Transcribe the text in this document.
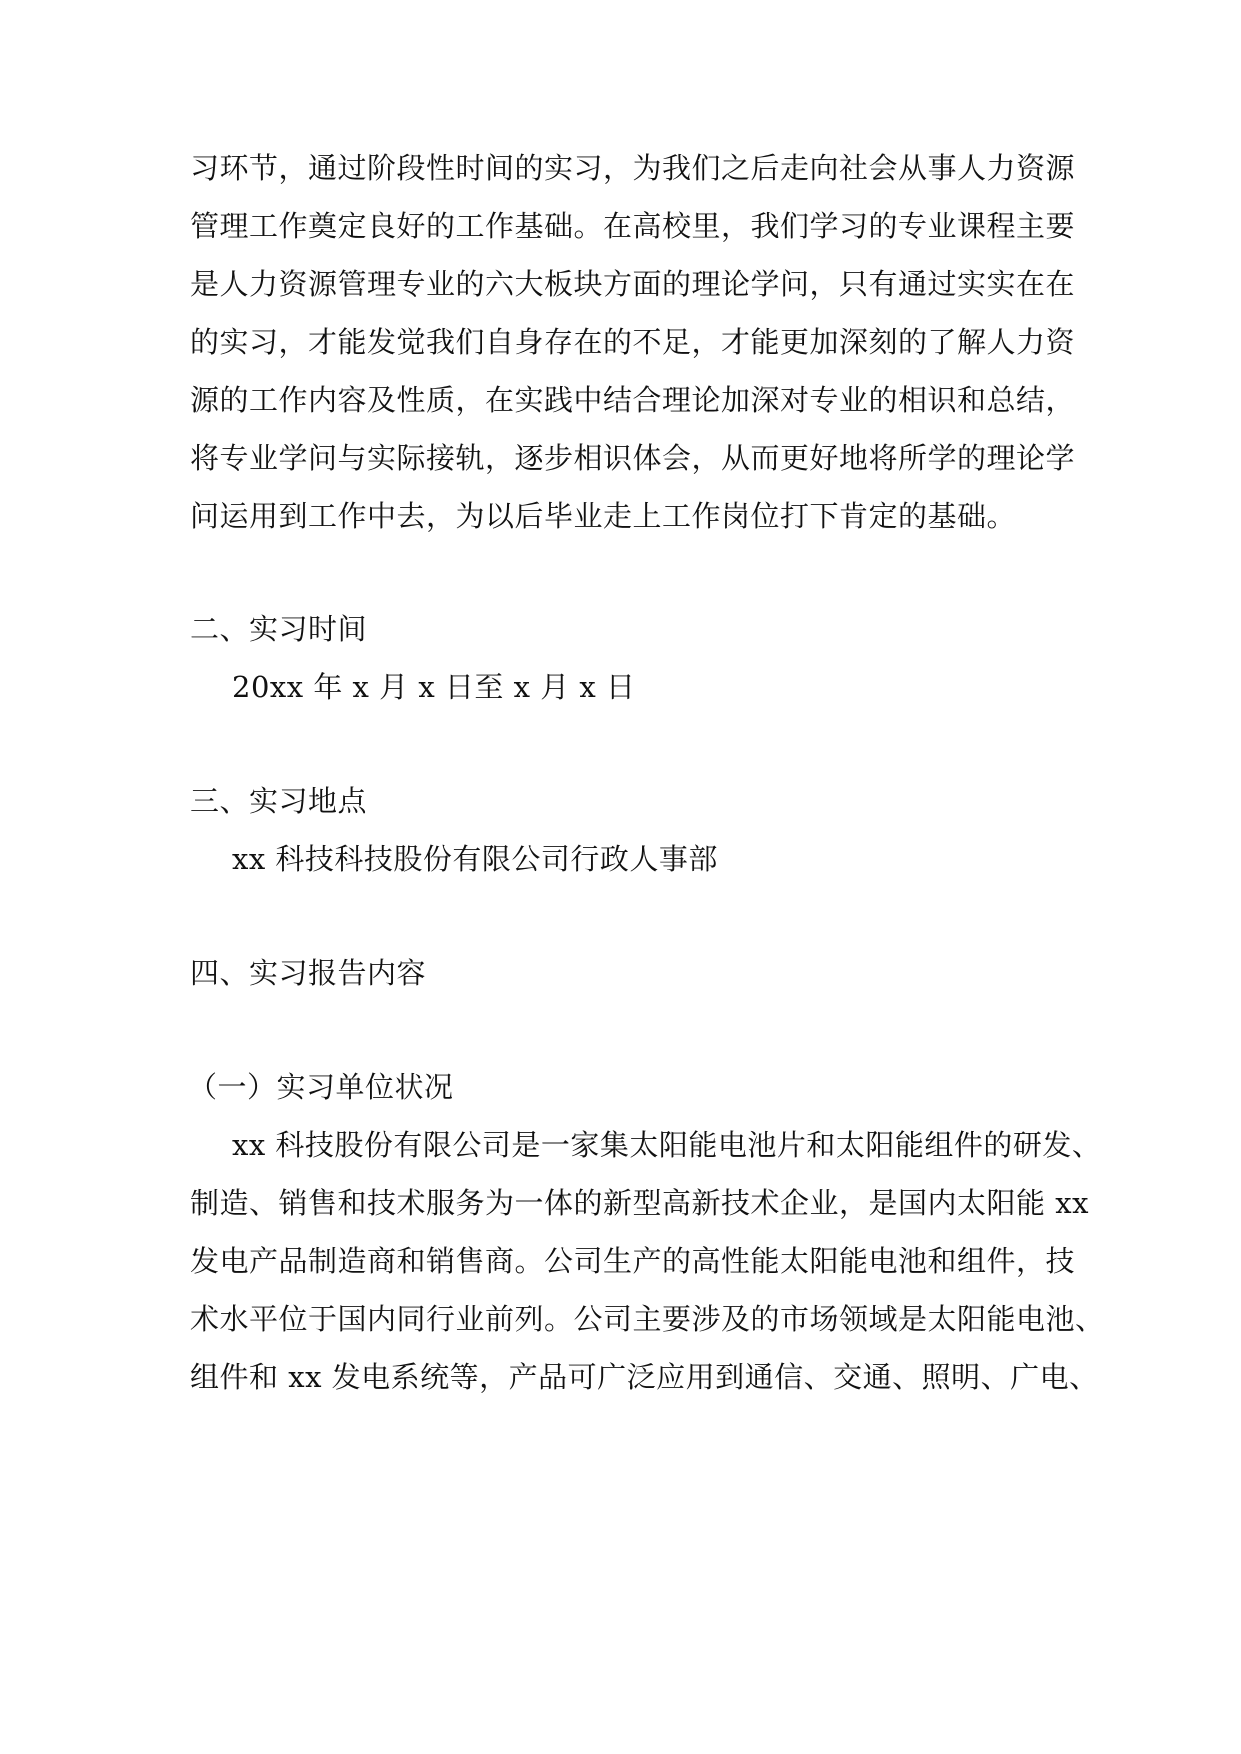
习环节，通过阶段性时间的实习，为我们之后走向社会从事人力资源
管理工作奠定良好的工作基础。在高校里，我们学习的专业课程主要
是人力资源管理专业的六大板块方面的理论学问，只有通过实实在在
的实习，才能发觉我们自身存在的不足，才能更加深刻的了解人力资
源的工作内容及性质，在实践中结合理论加深对专业的相识和总结，
将专业学问与实际接轨，逐步相识体会，从而更好地将所学的理论学
问运用到工作中去，为以后毕业走上工作岗位打下肯定的基础。
二、实习时间
20xx 年 x 月 x 日至 x 月 x 日
三、实习地点
xx 科技科技股份有限公司行政人事部
四、实习报告内容
（一）实习单位状况
xx 科技股份有限公司是一家集太阳能电池片和太阳能组件的研发、
制造、销售和技术服务为一体的新型高新技术企业，是国内太阳能 xx
发电产品制造商和销售商。公司生产的高性能太阳能电池和组件，技
术水平位于国内同行业前列。公司主要涉及的市场领域是太阳能电池、
组件和 xx 发电系统等，产品可广泛应用到通信、交通、照明、广电、
